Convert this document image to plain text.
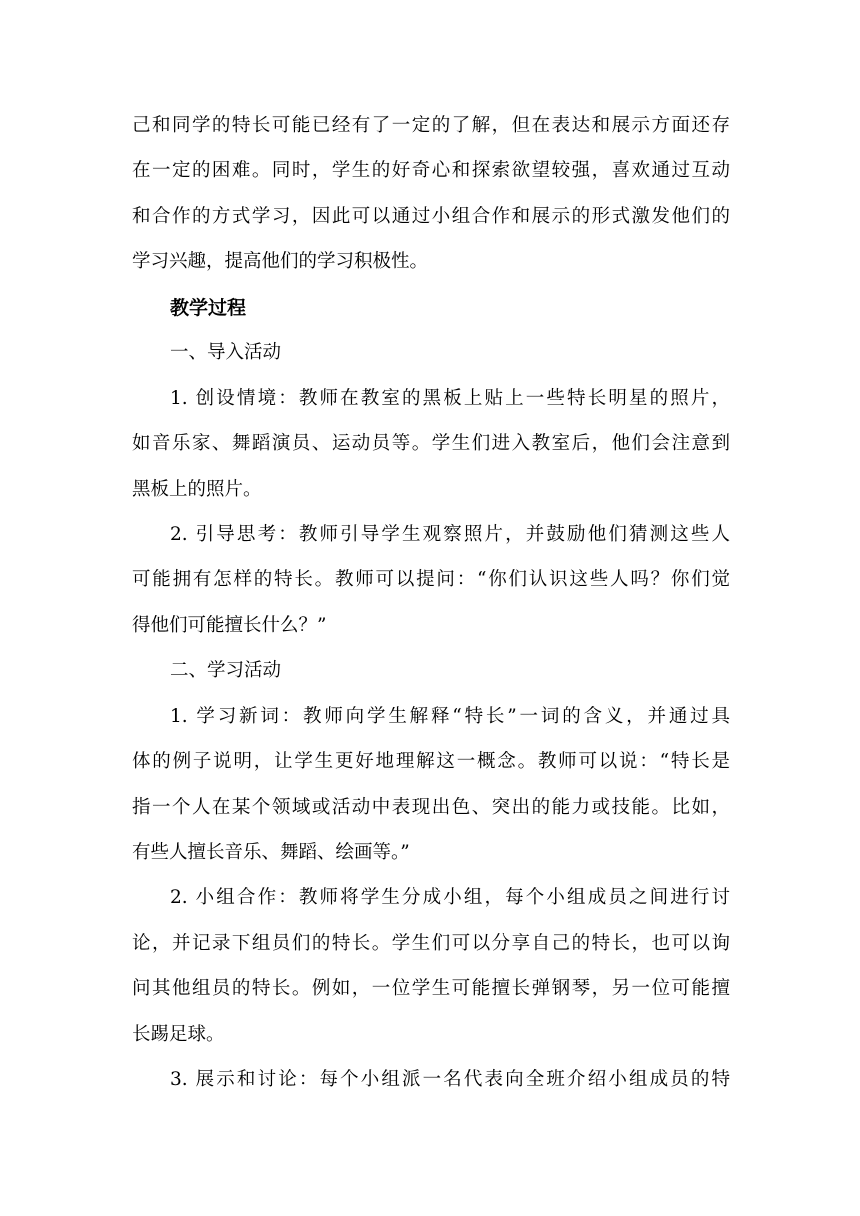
己和同学的特长可能已经有了一定的了解，但在表达和展示方面还存
在一定的困难。同时，学生的好奇心和探索欲望较强，喜欢通过互动
和合作的方式学习，因此可以通过小组合作和展示的形式激发他们的
学习兴趣，提高他们的学习积极性。
教学过程
一、导入活动
1. 创设情境：教师在教室的黑板上贴上一些特长明星的照片，
如音乐家、舞蹈演员、运动员等。学生们进入教室后，他们会注意到
黑板上的照片。
2. 引导思考：教师引导学生观察照片，并鼓励他们猜测这些人
可能拥有怎样的特长。教师可以提问：“你们认识这些人吗？你们觉
得他们可能擅长什么？”
二、学习活动
1. 学习新词：教师向学生解释“特长”一词的含义，并通过具
体的例子说明，让学生更好地理解这一概念。教师可以说：“特长是
指一个人在某个领域或活动中表现出色、突出的能力或技能。比如，
有些人擅长音乐、舞蹈、绘画等。”
2. 小组合作：教师将学生分成小组，每个小组成员之间进行讨
论，并记录下组员们的特长。学生们可以分享自己的特长，也可以询
问其他组员的特长。例如，一位学生可能擅长弹钢琴，另一位可能擅
长踢足球。
3. 展示和讨论：每个小组派一名代表向全班介绍小组成员的特
